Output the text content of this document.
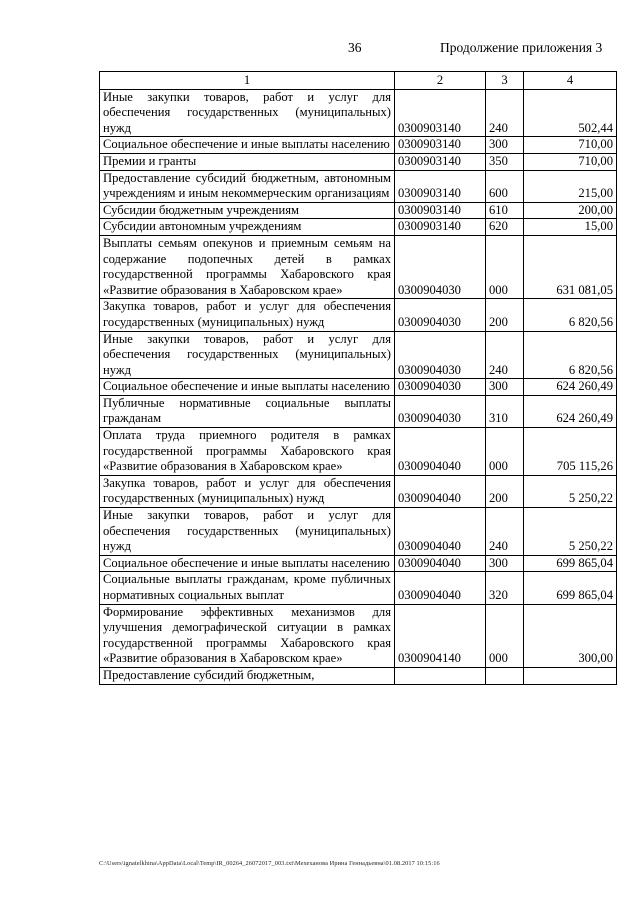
36	Продолжение приложения 3
1	2	3	4
Иные закупки товаров, работ и услуг для обеспечения государственных (муниципальных) нужд	0300903140	240	502,44
Социальное обеспечение и иные выплаты населению	0300903140	300	710,00
Премии и гранты	0300903140	350	710,00
Предоставление субсидий бюджетным, автономным учреждениям и иным некоммерческим организациям	0300903140	600	215,00
Субсидии бюджетным учреждениям	0300903140	610	200,00
Субсидии автономным учреждениям	0300903140	620	15,00
Выплаты семьям опекунов и приемным семьям на содержание подопечных детей в рамках государственной программы Хабаровского края «Развитие образования в Хабаровском крае»	0300904030	000	631 081,05
Закупка товаров, работ и услуг для обеспечения государственных (муниципальных) нужд	0300904030	200	6 820,56
Иные закупки товаров, работ и услуг для обеспечения государственных (муниципальных) нужд	0300904030	240	6 820,56
Социальное обеспечение и иные выплаты населению	0300904030	300	624 260,49
Публичные нормативные социальные выплаты гражданам	0300904030	310	624 260,49
Оплата труда приемного родителя в рамках государственной программы Хабаровского края «Развитие образования в Хабаровском крае»	0300904040	000	705 115,26
Закупка товаров, работ и услуг для обеспечения государственных (муниципальных) нужд	0300904040	200	5 250,22
Иные закупки товаров, работ и услуг для обеспечения государственных (муниципальных) нужд	0300904040	240	5 250,22
Социальное обеспечение и иные выплаты населению	0300904040	300	699 865,04
Социальные выплаты гражданам, кроме публичных нормативных социальных выплат	0300904040	320	699 865,04
Формирование эффективных механизмов для улучшения демографической ситуации в рамках государственной программы Хабаровского края «Развитие образования в Хабаровском крае»	0300904140	000	300,00
Предоставление субсидий бюджетным,			
C:\Users\ignatelkhina\AppData\Local\Temp\IR_00264_26072017_003.txt\Мехеханова Ирина Геннадьевна\01.08.2017 10:15:16
